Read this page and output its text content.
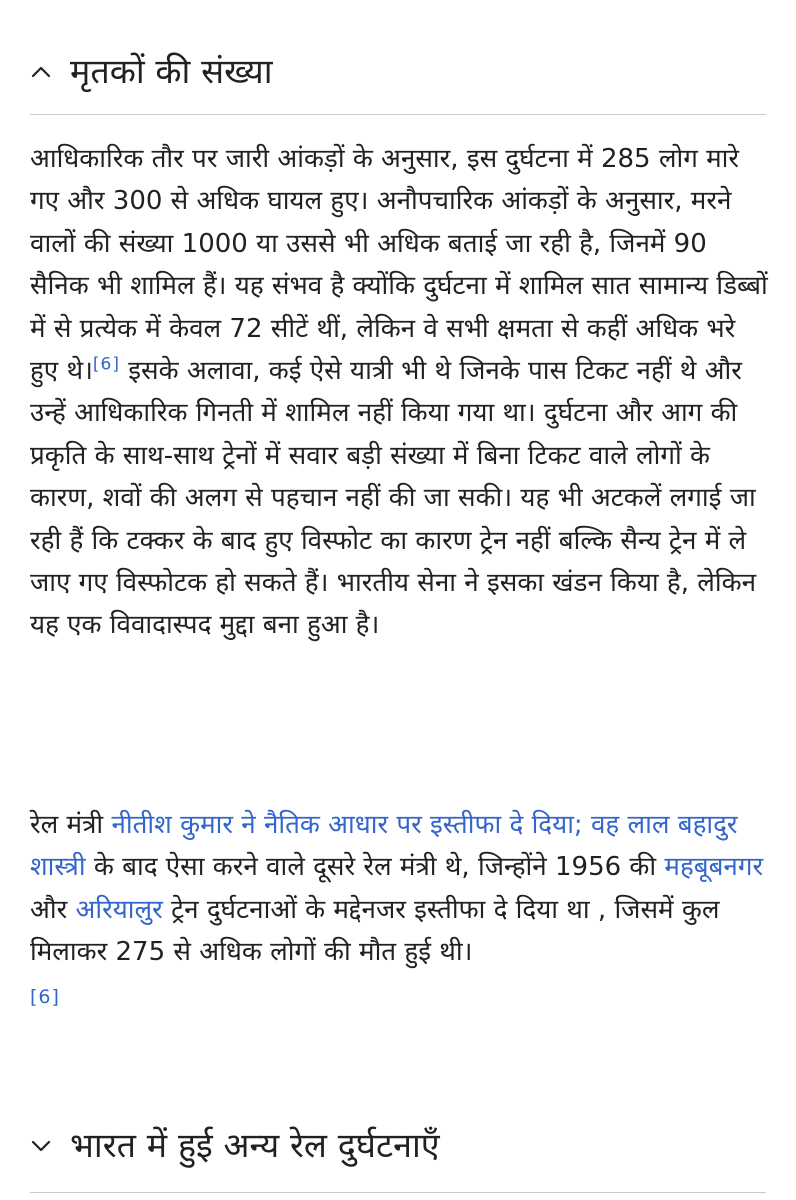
मृतकों की संख्या

आधिकारिक तौर पर जारी आंकड़ों के अनुसार, इस दुर्घटना में 285 लोग मारे गए और 300 से अधिक घायल हुए। अनौपचारिक आंकड़ों के अनुसार, मरने वालों की संख्या 1000 या उससे भी अधिक बताई जा रही है, जिनमें 90 सैनिक भी शामिल हैं। यह संभव है क्योंकि दुर्घटना में शामिल सात सामान्य डिब्बों में से प्रत्येक में केवल 72 सीटें थीं, लेकिन वे सभी क्षमता से कहीं अधिक भरे हुए थे।[6] इसके अलावा, कई ऐसे यात्री भी थे जिनके पास टिकट नहीं थे और उन्हें आधिकारिक गिनती में शामिल नहीं किया गया था। दुर्घटना और आग की प्रकृति के साथ-साथ ट्रेनों में सवार बड़ी संख्या में बिना टिकट वाले लोगों के कारण, शवों की अलग से पहचान नहीं की जा सकी। यह भी अटकलें लगाई जा रही हैं कि टक्कर के बाद हुए विस्फोट का कारण ट्रेन नहीं बल्कि सैन्य ट्रेन में ले जाए गए विस्फोटक हो सकते हैं। भारतीय सेना ने इसका खंडन किया है, लेकिन यह एक विवादास्पद मुद्दा बना हुआ है।

रेल मंत्री नीतीश कुमार ने नैतिक आधार पर इस्तीफा दे दिया; वह लाल बहादुर शास्त्री के बाद ऐसा करने वाले दूसरे रेल मंत्री थे, जिन्होंने 1956 की महबूबनगर और अरियालुर ट्रेन दुर्घटनाओं के मद्देनजर इस्तीफा दे दिया था , जिसमें कुल मिलाकर 275 से अधिक लोगों की मौत हुई थी।
[6]

भारत में हुई अन्य रेल दुर्घटनाएँ
